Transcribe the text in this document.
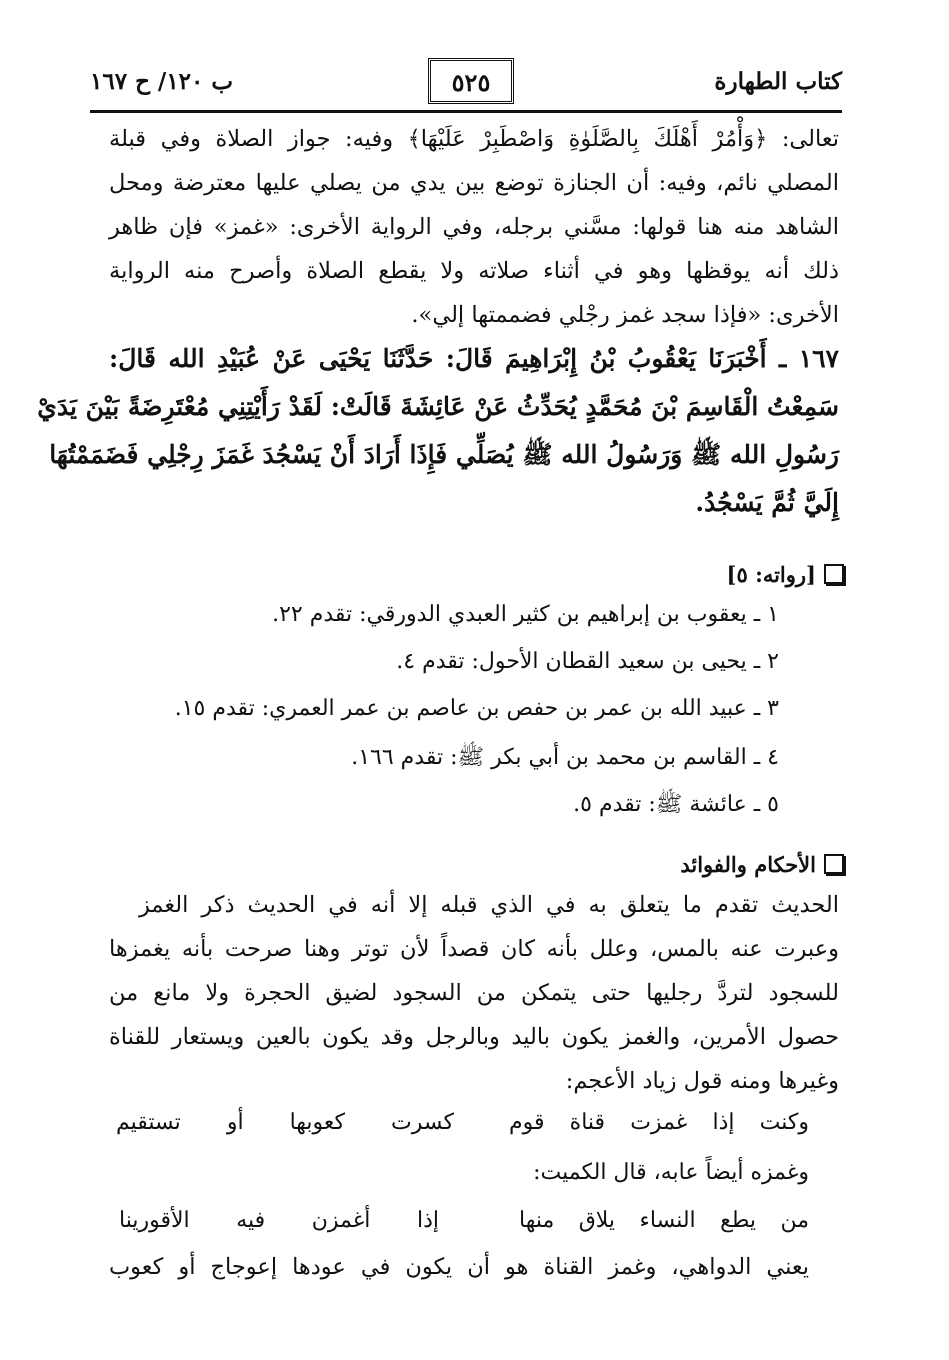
كتاب الطهارة
٥٢٥
ب ١٢٠/ ح ١٦٧
تعالى: ﴿وَأْمُرْ أَهْلَكَ بِالصَّلَوٰةِ وَاصْطَبِرْ عَلَيْهَا﴾ وفيه: جواز الصلاة وفي قبلة
المصلي نائم، وفيه: أن الجنازة توضع بين يدي من يصلي عليها معترضة ومحل
الشاهد منه هنا قولها: مسَّني برجله، وفي الرواية الأخرى: «غمز» فإن ظاهر
ذلك أنه يوقظها وهو في أثناء صلاته ولا يقطع الصلاة وأصرح منه الرواية
الأخرى: «فإذا سجد غمز رجْلي فضممتها إلي».
١٦٧ ـ أَخْبَرَنَا يَعْقُوبُ بْنُ إِبْرَاهِيمَ قَالَ: حَدَّثَنَا يَحْيَى عَنْ عُبَيْدِ الله قَالَ:
سَمِعْتُ الْقَاسِمَ بْنَ مُحَمَّدٍ يُحَدِّثُ عَنْ عَائِشَةَ قَالَتْ: لَقَدْ رَأَيْتِنِي مُعْتَرِضَةً بَيْنَ يَدَيْ
رَسُولِ الله ﷺ وَرَسُولُ الله ﷺ يُصَلِّي فَإِذَا أَرَادَ أَنْ يَسْجُدَ غَمَزَ رِجْلِي فَضَمَمْتُهَا
إِلَيَّ ثُمَّ يَسْجُدُ.
[رواته: ٥]
١ ـ يعقوب بن إبراهيم بن كثير العبدي الدورقي: تقدم ٢٢.
٢ ـ يحيى بن سعيد القطان الأحول: تقدم ٤.
٣ ـ عبيد الله بن عمر بن حفص بن عاصم بن عمر العمري: تقدم ١٥.
٤ ـ القاسم بن محمد بن أبي بكر ﷺ: تقدم ١٦٦.
٥ ـ عائشة ﷺ: تقدم ٥.
الأحكام والفوائد
الحديث تقدم ما يتعلق به في الذي قبله إلا أنه في الحديث ذكر الغمز
وعبرت عنه بالمس، وعلل بأنه كان قصداً لأن توتر وهنا صرحت بأنه يغمزها
للسجود لتردَّ رجليها حتى يتمكن من السجود لضيق الحجرة ولا مانع من
حصول الأمرين، والغمز يكون باليد وبالرجل وقد يكون بالعين ويستعار للقناة
وغيرها ومنه قول زياد الأعجم:
وكنت إذا غمزت قناة قوم
كسرت كعوبها أو تستقيم
وغمزه أيضاً عابه، قال الكميت:
من يطع النساء يلاق منها
إذا أغمزن فيه الأقورينا
يعني الدواهي، وغمز القناة هو أن يكون في عودها إعوجاج أو كعوب
